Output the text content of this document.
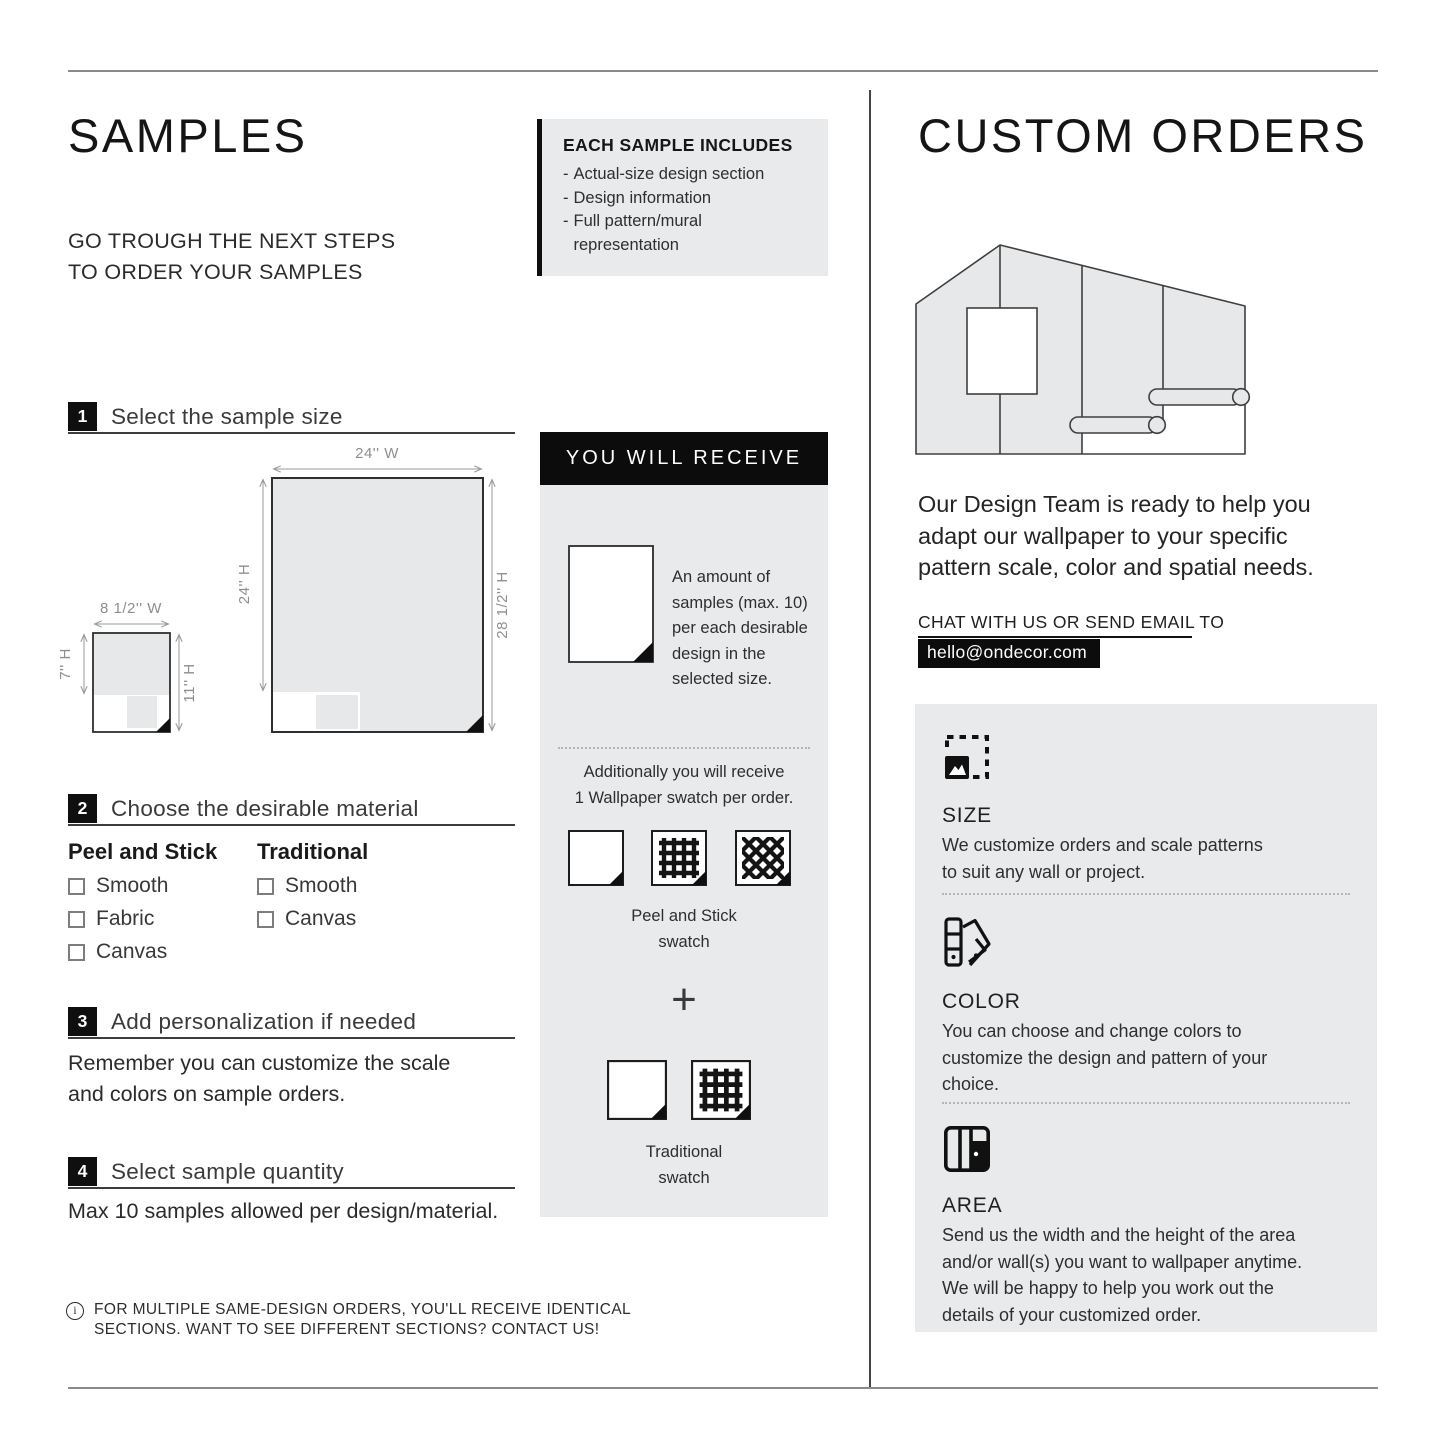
SAMPLES
GO TROUGH THE NEXT STEPS
TO ORDER YOUR SAMPLES
1	Select the sample size
8 1/2'' W
7'' H	11'' H
24'' W
24'' H	28 1/2'' H
2	Choose the desirable material
Peel and Stick
Smooth
Fabric
Canvas
Traditional
Smooth
Canvas
3	Add personalization if needed
Remember you can customize the scale
and colors on sample orders.
4	Select sample quantity
Max 10 samples allowed per design/material.
i	FOR MULTIPLE SAME-DESIGN ORDERS, YOU'LL RECEIVE IDENTICAL
SECTIONS. WANT TO SEE DIFFERENT SECTIONS? CONTACT US!
EACH SAMPLE INCLUDES
- Actual-size design section
- Design information
- Full pattern/mural
representation
YOU WILL RECEIVE
An amount of
samples (max. 10)
per each desirable
design in the
selected size.
Additionally you will receive
1 Wallpaper swatch per order.
Peel and Stick
swatch
+
Traditional
swatch
CUSTOM ORDERS
Our Design Team is ready to help you
adapt our wallpaper to your specific
pattern scale, color and spatial needs.
CHAT WITH US OR SEND EMAIL TO
hello@ondecor.com
SIZE
We customize orders and scale patterns
to suit any wall or project.
COLOR
You can choose and change colors to
customize the design and pattern of your
choice.
AREA
Send us the width and the height of the area
and/or wall(s) you want to wallpaper anytime.
We will be happy to help you work out the
details of your customized order.
